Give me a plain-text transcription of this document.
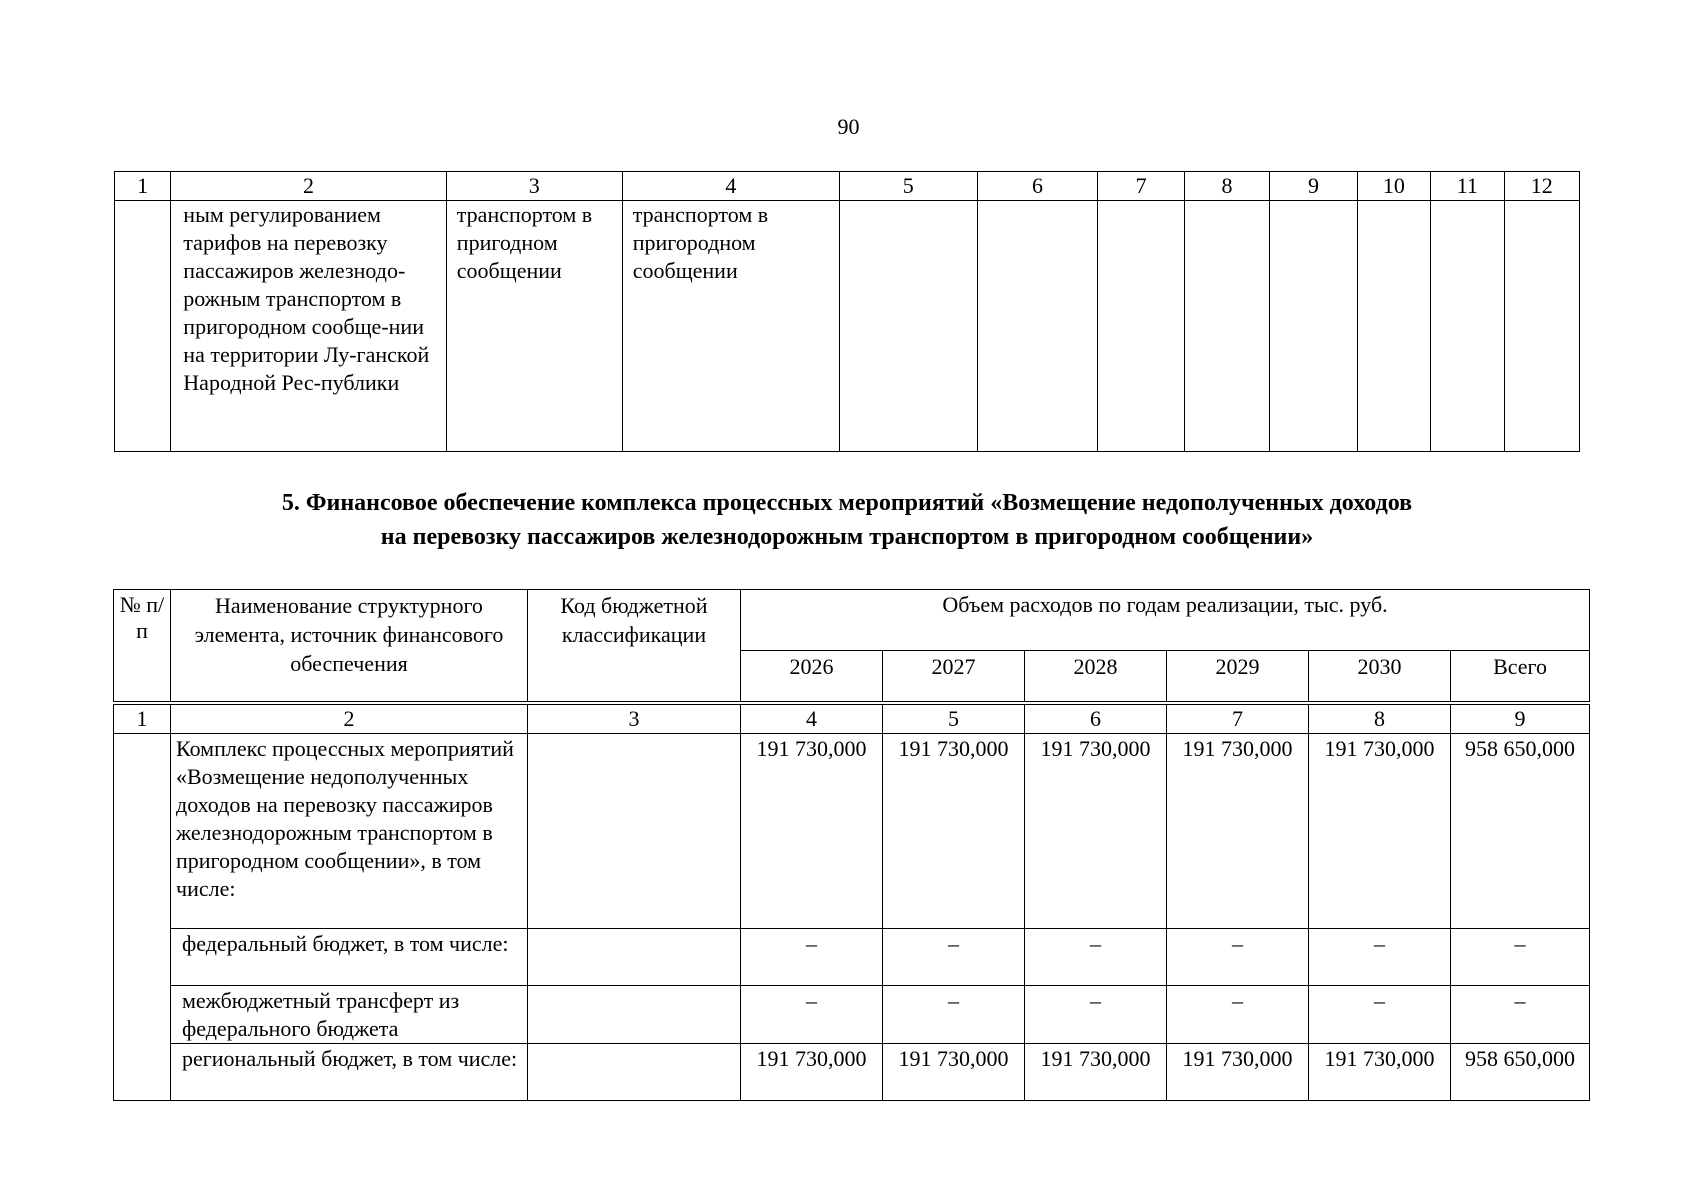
90
1	2	3	4	5	6	7	8	9	10	11	12
	ным регулированием тарифов на перевозку пассажиров железнодо-рожным транспортом в пригородном сообще-нии на территории Лу-ганской Народной Рес-публики	транспортом в пригодном сообщении	транспортом в пригородном сообщении								
5. Финансовое обеспечение комплекса процессных мероприятий «Возмещение недополученных доходов
на перевозку пассажиров железнодорожным транспортом в пригородном сообщении»
№ п/п	Наименование структурного элемента, источник финансового обеспечения	Код бюджетной классификации	Объем расходов по годам реализации, тыс. руб.					
			2026	2027	2028	2029	2030	Всего

1	2	3	4	5	6	7	8	9
	Комплекс процессных мероприятий «Возмещение недополученных доходов на перевозку пассажиров железнодорожным транспортом в пригородном сообщении», в том числе:		191 730,000	191 730,000	191 730,000	191 730,000	191 730,000	958 650,000
	федеральный бюджет, в том числе:		–	–	–	–	–	–
	межбюджетный трансферт из федерального бюджета		–	–	–	–	–	–
	региональный бюджет, в том числе:		191 730,000	191 730,000	191 730,000	191 730,000	191 730,000	958 650,000
